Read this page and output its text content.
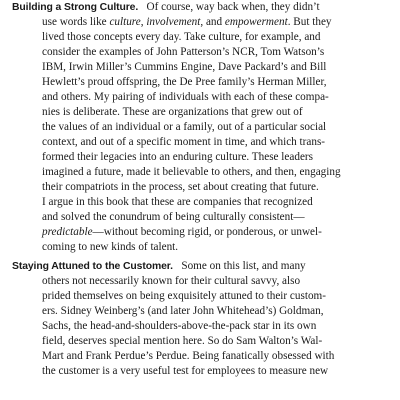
Building a Strong Culture. Of course, way back when, they didn’t
use words like culture, involvement, and empowerment. But they
lived those concepts every day. Take culture, for example, and
consider the examples of John Patterson’s NCR, Tom Watson’s
IBM, Irwin Miller’s Cummins Engine, Dave Packard’s and Bill
Hewlett’s proud offspring, the De Pree family’s Herman Miller,
and others. My pairing of individuals with each of these compa-
nies is deliberate. These are organizations that grew out of
the values of an individual or a family, out of a particular social
context, and out of a specific moment in time, and which trans-
formed their legacies into an enduring culture. These leaders
imagined a future, made it believable to others, and then, engaging
their compatriots in the process, set about creating that future.
I argue in this book that these are companies that recognized
and solved the conundrum of being culturally consistent—
predictable—without becoming rigid, or ponderous, or unwel-
coming to new kinds of talent.
Staying Attuned to the Customer. Some on this list, and many
others not necessarily known for their cultural savvy, also
prided themselves on being exquisitely attuned to their custom-
ers. Sidney Weinberg’s (and later John Whitehead’s) Goldman,
Sachs, the head-and-shoulders-above-the-pack star in its own
field, deserves special mention here. So do Sam Walton’s Wal-
Mart and Frank Perdue’s Perdue. Being fanatically obsessed with
the customer is a very useful test for employees to measure new
